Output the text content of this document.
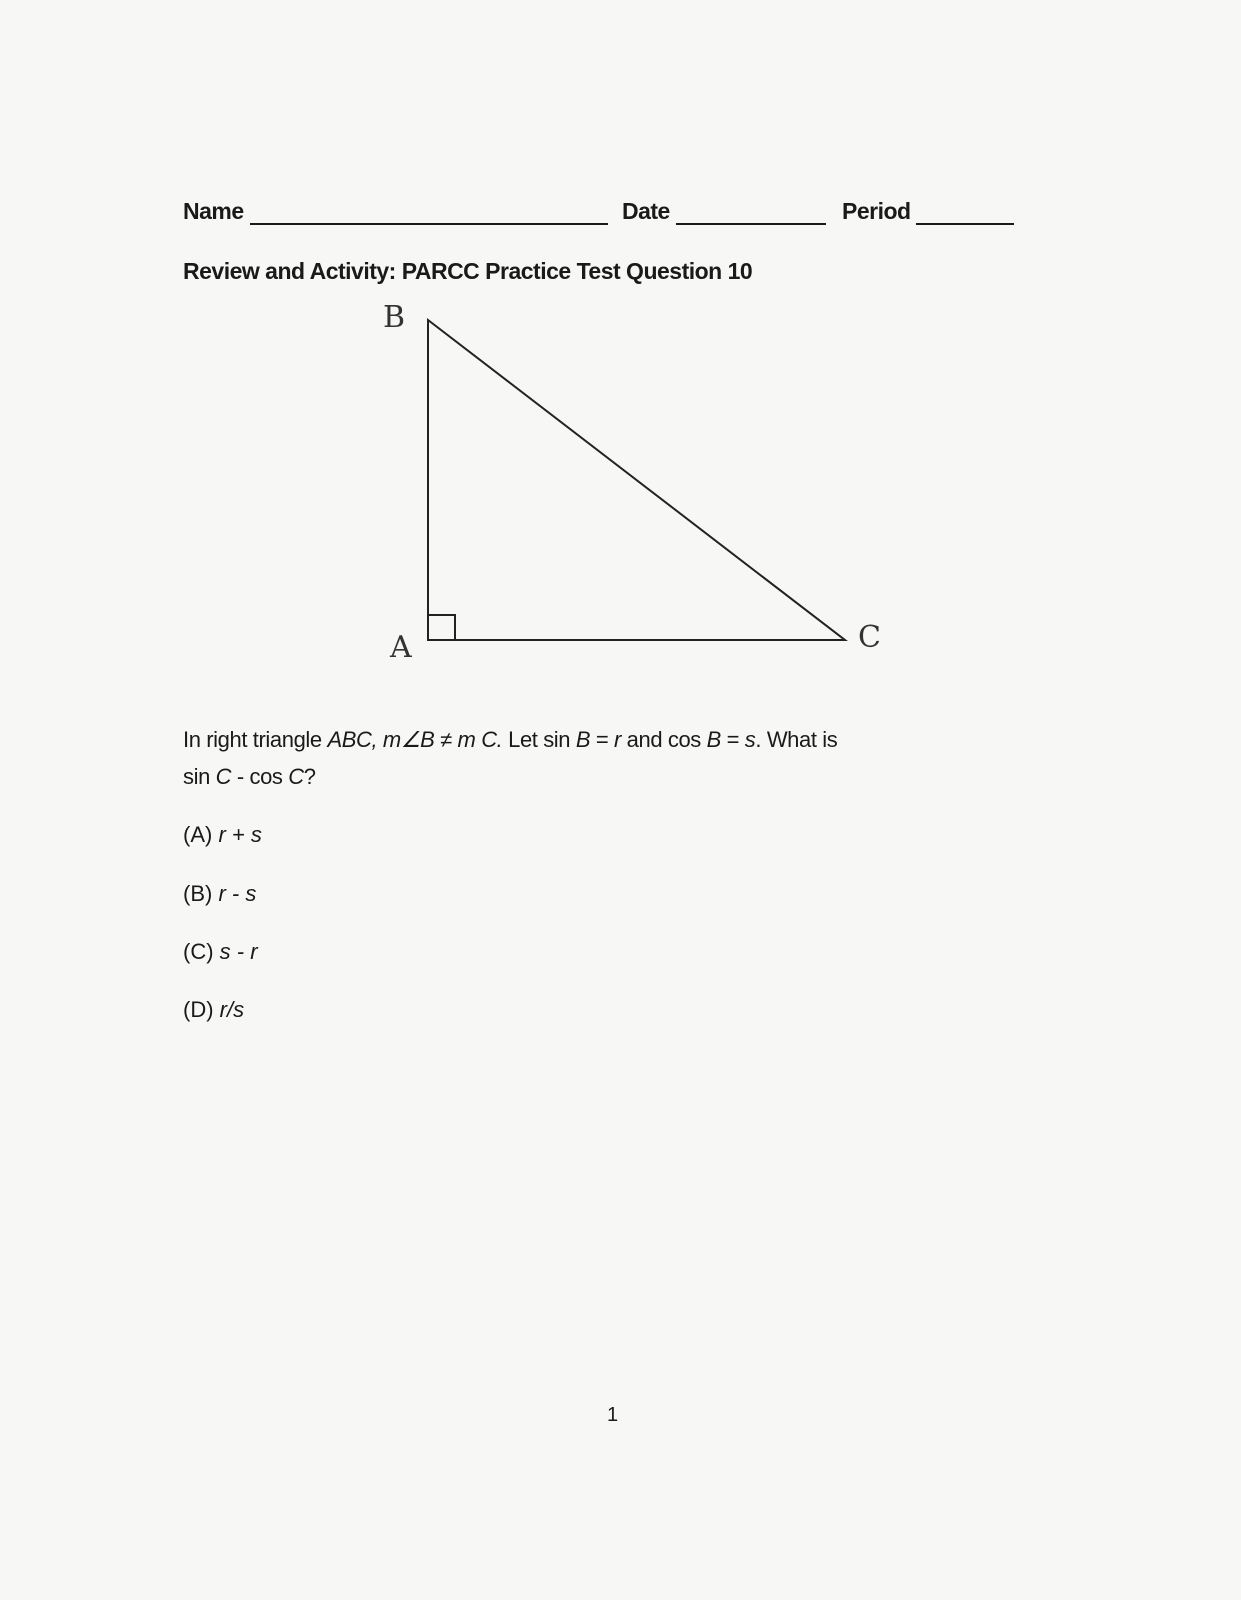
Name	Date	Period
Review and Activity: PARCC Practice Test Question 10
B
A	C
In right triangle ABC, m∠B ≠ m C. Let sin B = r and cos B = s. What is
sin C - cos C?
(A) r + s
(B) r - s
(C) s - r
(D) r/s
1
